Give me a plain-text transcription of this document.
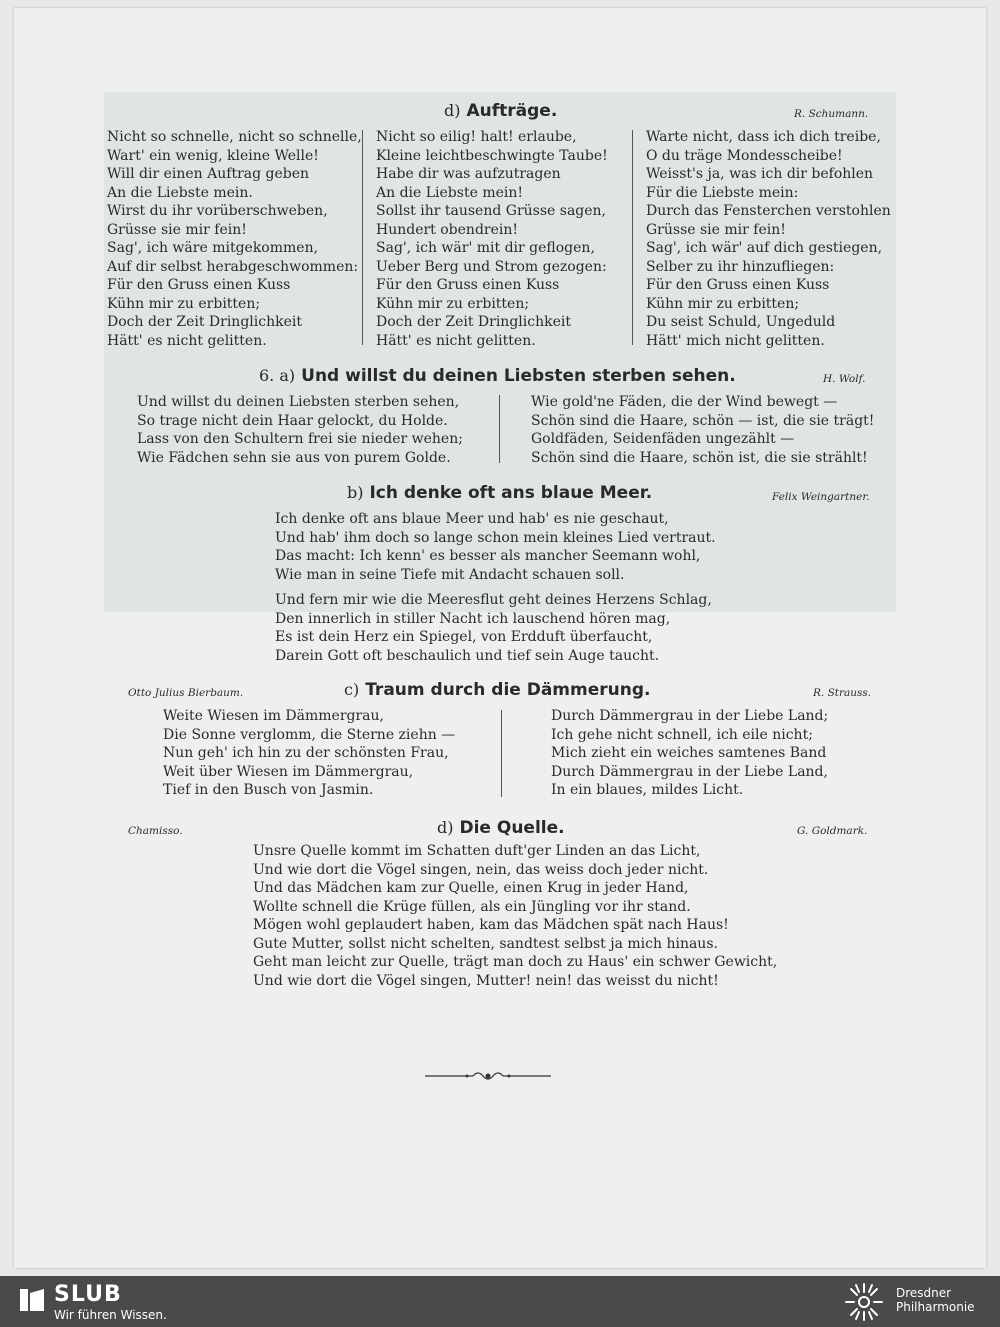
d) Aufträge.	R. Schumann.
Nicht so schnelle, nicht so schnelle,
Wart' ein wenig, kleine Welle!
Will dir einen Auftrag geben
An die Liebste mein.
Wirst du ihr vorüberschweben,
Grüsse sie mir fein!
Sag', ich wäre mitgekommen,
Auf dir selbst herabgeschwommen:
Für den Gruss einen Kuss
Kühn mir zu erbitten;
Doch der Zeit Dringlichkeit
Hätt' es nicht gelitten.
Nicht so eilig! halt! erlaube,
Kleine leichtbeschwingte Taube!
Habe dir was aufzutragen
An die Liebste mein!
Sollst ihr tausend Grüsse sagen,
Hundert obendrein!
Sag', ich wär' mit dir geflogen,
Ueber Berg und Strom gezogen:
Für den Gruss einen Kuss
Kühn mir zu erbitten;
Doch der Zeit Dringlichkeit
Hätt' es nicht gelitten.
Warte nicht, dass ich dich treibe,
O du träge Mondesscheibe!
Weisst's ja, was ich dir befohlen
Für die Liebste mein:
Durch das Fensterchen verstohlen
Grüsse sie mir fein!
Sag', ich wär' auf dich gestiegen,
Selber zu ihr hinzufliegen:
Für den Gruss einen Kuss
Kühn mir zu erbitten;
Du seist Schuld, Ungeduld
Hätt' mich nicht gelitten.
6. a) Und willst du deinen Liebsten sterben sehen.	H. Wolf.
Und willst du deinen Liebsten sterben sehen,
So trage nicht dein Haar gelockt, du Holde.
Lass von den Schultern frei sie nieder wehen;
Wie Fädchen sehn sie aus von purem Golde.
Wie gold'ne Fäden, die der Wind bewegt —
Schön sind die Haare, schön — ist, die sie trägt!
Goldfäden, Seidenfäden ungezählt —
Schön sind die Haare, schön ist, die sie strählt!
b) Ich denke oft ans blaue Meer.	Felix Weingartner.
Ich denke oft ans blaue Meer und hab' es nie geschaut,
Und hab' ihm doch so lange schon mein kleines Lied vertraut.
Das macht: Ich kenn' es besser als mancher Seemann wohl,
Wie man in seine Tiefe mit Andacht schauen soll.
Und fern mir wie die Meeresflut geht deines Herzens Schlag,
Den innerlich in stiller Nacht ich lauschend hören mag,
Es ist dein Herz ein Spiegel, von Erdduft überfaucht,
Darein Gott oft beschaulich und tief sein Auge taucht.
Otto Julius Bierbaum.	c) Traum durch die Dämmerung.	R. Strauss.
Weite Wiesen im Dämmergrau,
Die Sonne verglomm, die Sterne ziehn —
Nun geh' ich hin zu der schönsten Frau,
Weit über Wiesen im Dämmergrau,
Tief in den Busch von Jasmin.
Durch Dämmergrau in der Liebe Land;
Ich gehe nicht schnell, ich eile nicht;
Mich zieht ein weiches samtenes Band
Durch Dämmergrau in der Liebe Land,
In ein blaues, mildes Licht.
Chamisso.	d) Die Quelle.	G. Goldmark.
Unsre Quelle kommt im Schatten duft'ger Linden an das Licht,
Und wie dort die Vögel singen, nein, das weiss doch jeder nicht.
Und das Mädchen kam zur Quelle, einen Krug in jeder Hand,
Wollte schnell die Krüge füllen, als ein Jüngling vor ihr stand.
Mögen wohl geplaudert haben, kam das Mädchen spät nach Haus!
Gute Mutter, sollst nicht schelten, sandtest selbst ja mich hinaus.
Geht man leicht zur Quelle, trägt man doch zu Haus' ein schwer Gewicht,
Und wie dort die Vögel singen, Mutter! nein! das weisst du nicht!
SLUB
Wir führen Wissen.
Dresdner
Philharmonie
